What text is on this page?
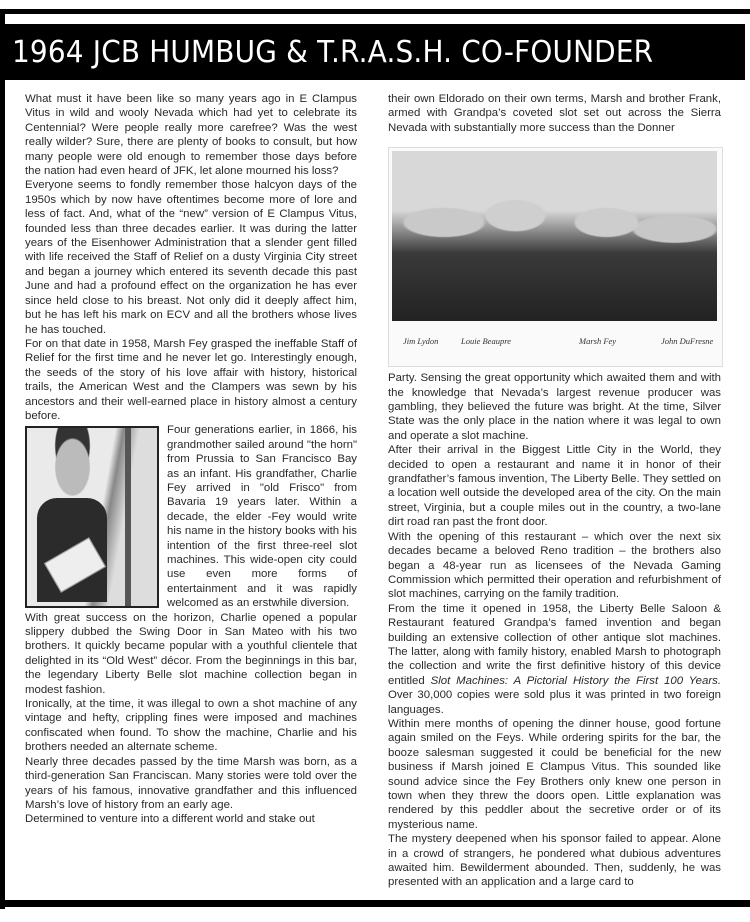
1964 JCB HUMBUG & T.R.A.S.H. CO-FOUNDER

What must it have been like so many years ago in E Clampus Vitus in wild and wooly Nevada which had yet to celebrate its Centennial? Were people really more carefree? Was the west really wilder? Sure, there are plenty of books to consult, but how many people were old enough to remember those days before the nation had even heard of JFK, let alone mourned his loss?

Everyone seems to fondly remember those halcyon days of the 1950s which by now have oftentimes become more of lore and less of fact. And, what of the “new” version of E Clampus Vitus, founded less than three decades earlier. It was during the latter years of the Eisenhower Administration that a slender gent filled with life received the Staff of Relief on a dusty Virginia City street and began a journey which entered its seventh decade this past June and had a profound effect on the organization he has ever since held close to his breast. Not only did it deeply affect him, but he has left his mark on ECV and all the brothers whose lives he has touched.

For on that date in 1958, Marsh Fey grasped the ineffable Staff of Relief for the first time and he never let go. Interestingly enough, the seeds of the story of his love affair with history, historical trails, the American West and the Clampers was sewn by his ancestors and their well-earned place in history almost a century before.

Four generations earlier, in 1866, his grandmother sailed around "the horn" from Prussia to San Francisco Bay as an infant. His grandfather, Charlie Fey arrived in "old Frisco" from Bavaria 19 years later. Within a decade, the elder -Fey would write his name in the history books with his intention of the first three-reel slot machines. This wide-open city could use even more forms of entertainment and it was rapidly welcomed as an erstwhile diversion.

With great success on the horizon, Charlie opened a popular slippery dubbed the Swing Door in San Mateo with his two brothers. It quickly became popular with a youthful clientele that delighted in its “Old West” décor. From the beginnings in this bar, the legendary Liberty Belle slot machine collection began in modest fashion.

Ironically, at the time, it was illegal to own a shot machine of any vintage and hefty, crippling fines were imposed and machines confiscated when found. To show the machine, Charlie and his brothers needed an alternate scheme.

Nearly three decades passed by the time Marsh was born, as a third-generation San Franciscan. Many stories were told over the years of his famous, innovative grandfather and this influenced Marsh’s love of history from an early age.

Determined to venture into a different world and stake out

their own Eldorado on their own terms, Marsh and brother Frank, armed with Grandpa’s coveted slot set out across the Sierra Nevada with substantially more success than the Donner

Jim Lydon	Louie Beaupre	Marsh Fey	John DuFresne

Party. Sensing the great opportunity which awaited them and with the knowledge that Nevada’s largest revenue producer was gambling, they believed the future was bright. At the time, Silver State was the only place in the nation where it was legal to own and operate a slot machine.

After their arrival in the Biggest Little City in the World, they decided to open a restaurant and name it in honor of their grandfather’s famous invention, The Liberty Belle. They settled on a location well outside the developed area of the city. On the main street, Virginia, but a couple miles out in the country, a two-lane dirt road ran past the front door.

With the opening of this restaurant – which over the next six decades became a beloved Reno tradition – the brothers also began a 48-year run as licensees of the Nevada Gaming Commission which permitted their operation and refurbishment of slot machines, carrying on the family tradition.

From the time it opened in 1958, the Liberty Belle Saloon & Restaurant featured Grandpa’s famed invention and began building an extensive collection of other antique slot machines. The latter, along with family history, enabled Marsh to photograph the collection and write the first definitive history of this device entitled Slot Machines: A Pictorial History the First 100 Years. Over 30,000 copies were sold plus it was printed in two foreign languages.

Within mere months of opening the dinner house, good fortune again smiled on the Feys. While ordering spirits for the bar, the booze salesman suggested it could be beneficial for the new business if Marsh joined E Clampus Vitus. This sounded like sound advice since the Fey Brothers only knew one person in town when they threw the doors open. Little explanation was rendered by this peddler about the secretive order or of its mysterious name.

The mystery deepened when his sponsor failed to appear. Alone in a crowd of strangers, he pondered what dubious adventures awaited him. Bewilderment abounded. Then, suddenly, he was presented with an application and a large card to
